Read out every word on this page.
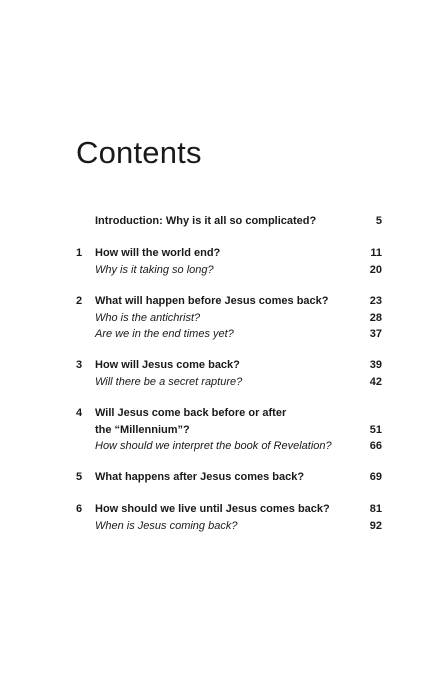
Contents
Introduction: Why is it all so complicated?	5
1 How will the world end?	11
Why is it taking so long?	20
2 What will happen before Jesus comes back?	23
Who is the antichrist?	28
Are we in the end times yet?	37
3 How will Jesus come back?	39
Will there be a secret rapture?	42
4 Will Jesus come back before or after
the “Millennium”?	51
How should we interpret the book of Revelation?	66
5 What happens after Jesus comes back?	69
6 How should we live until Jesus comes back?	81
When is Jesus coming back?	92
